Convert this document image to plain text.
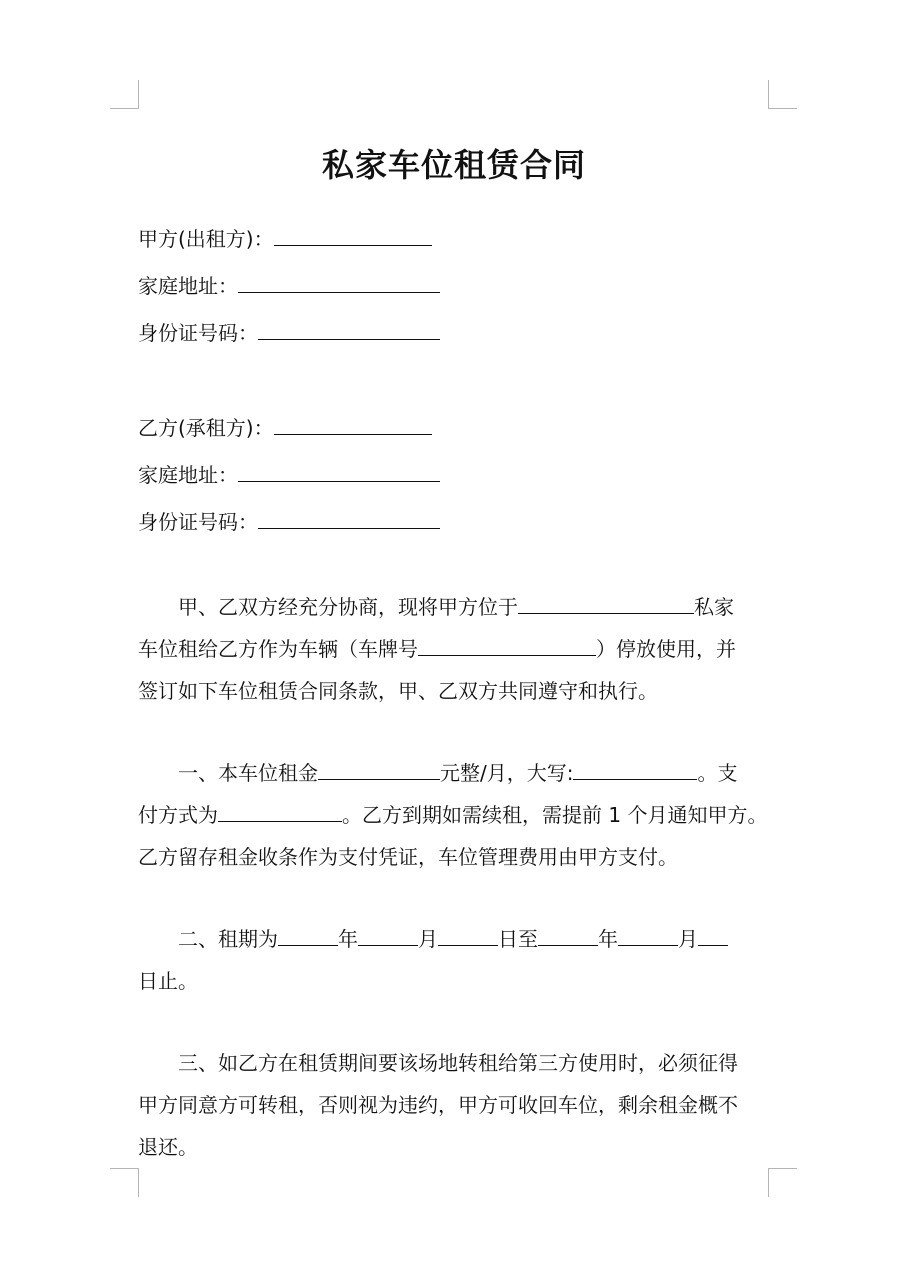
私家车位租赁合同
甲方(出租方)：
家庭地址：
身份证号码：
乙方(承租方)：
家庭地址：
身份证号码：
甲、乙双方经充分协商，现将甲方位于	私家
车位租给乙方作为车辆（车牌号	）停放使用，并
签订如下车位租赁合同条款，甲、乙双方共同遵守和执行。
一、本车位租金	元整/月，大写:	。支
付方式为	。乙方到期如需续租，需提前 1 个月通知甲方。
乙方留存租金收条作为支付凭证，车位管理费用由甲方支付。
二、租期为	年	月	日至	年	月
日止。
三、如乙方在租赁期间要该场地转租给第三方使用时，必须征得
甲方同意方可转租，否则视为违约，甲方可收回车位，剩余租金概不
退还。
